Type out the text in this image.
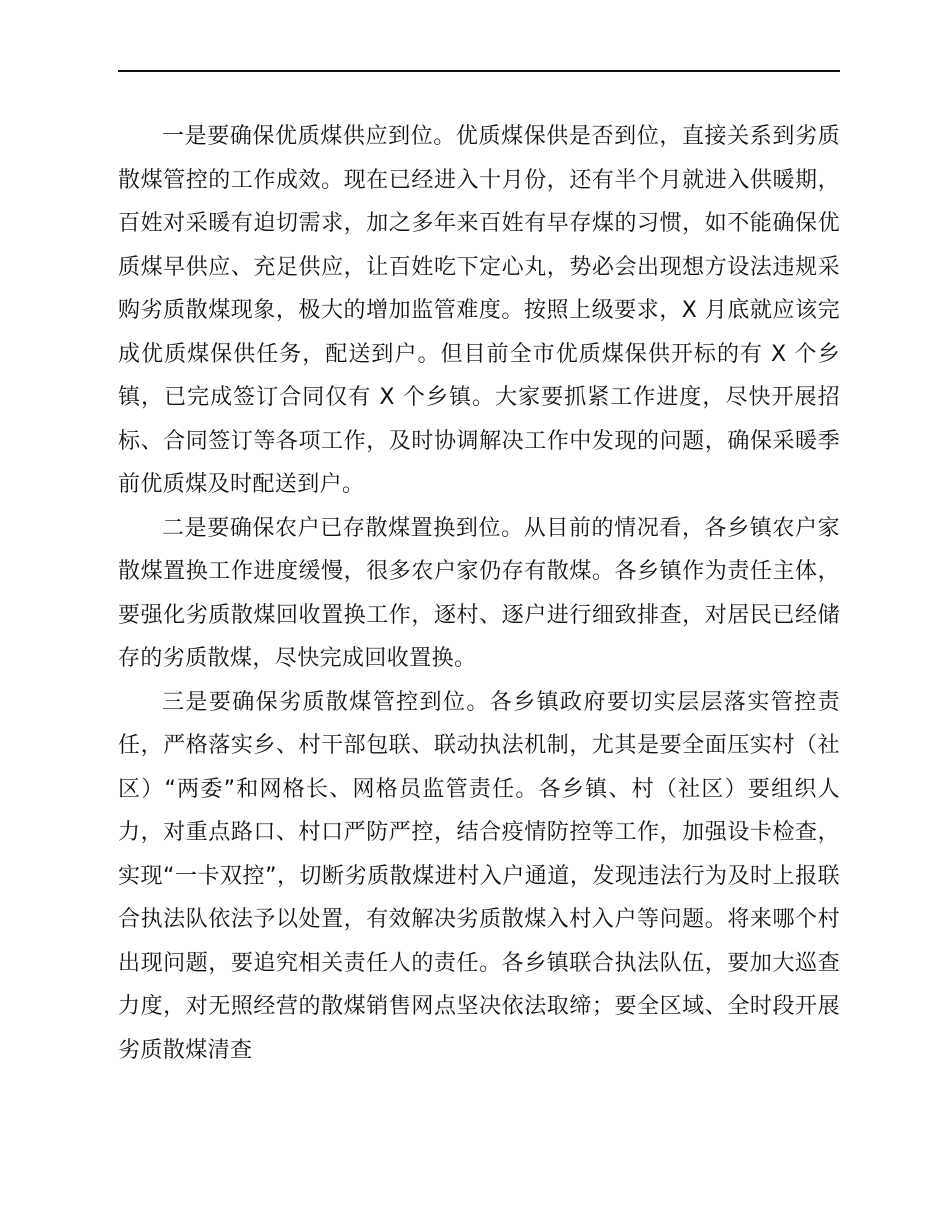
一是要确保优质煤供应到位。优质煤保供是否到位，直接关系到劣质散煤管控的工作成效。现在已经进入十月份，还有半个月就进入供暖期，百姓对采暖有迫切需求，加之多年来百姓有早存煤的习惯，如不能确保优质煤早供应、充足供应，让百姓吃下定心丸，势必会出现想方设法违规采购劣质散煤现象，极大的增加监管难度。按照上级要求，X 月底就应该完成优质煤保供任务，配送到户。但目前全市优质煤保供开标的有 X 个乡镇，已完成签订合同仅有 X 个乡镇。大家要抓紧工作进度，尽快开展招标、合同签订等各项工作，及时协调解决工作中发现的问题，确保采暖季前优质煤及时配送到户。

二是要确保农户已存散煤置换到位。从目前的情况看，各乡镇农户家散煤置换工作进度缓慢，很多农户家仍存有散煤。各乡镇作为责任主体，要强化劣质散煤回收置换工作，逐村、逐户进行细致排查，对居民已经储存的劣质散煤，尽快完成回收置换。

三是要确保劣质散煤管控到位。各乡镇政府要切实层层落实管控责任，严格落实乡、村干部包联、联动执法机制，尤其是要全面压实村（社区）“两委”和网格长、网格员监管责任。各乡镇、村（社区）要组织人力，对重点路口、村口严防严控，结合疫情防控等工作，加强设卡检查，实现“一卡双控”，切断劣质散煤进村入户通道，发现违法行为及时上报联合执法队依法予以处置，有效解决劣质散煤入村入户等问题。将来哪个村出现问题，要追究相关责任人的责任。各乡镇联合执法队伍，要加大巡查力度，对无照经营的散煤销售网点坚决依法取缔；要全区域、全时段开展劣质散煤清查
